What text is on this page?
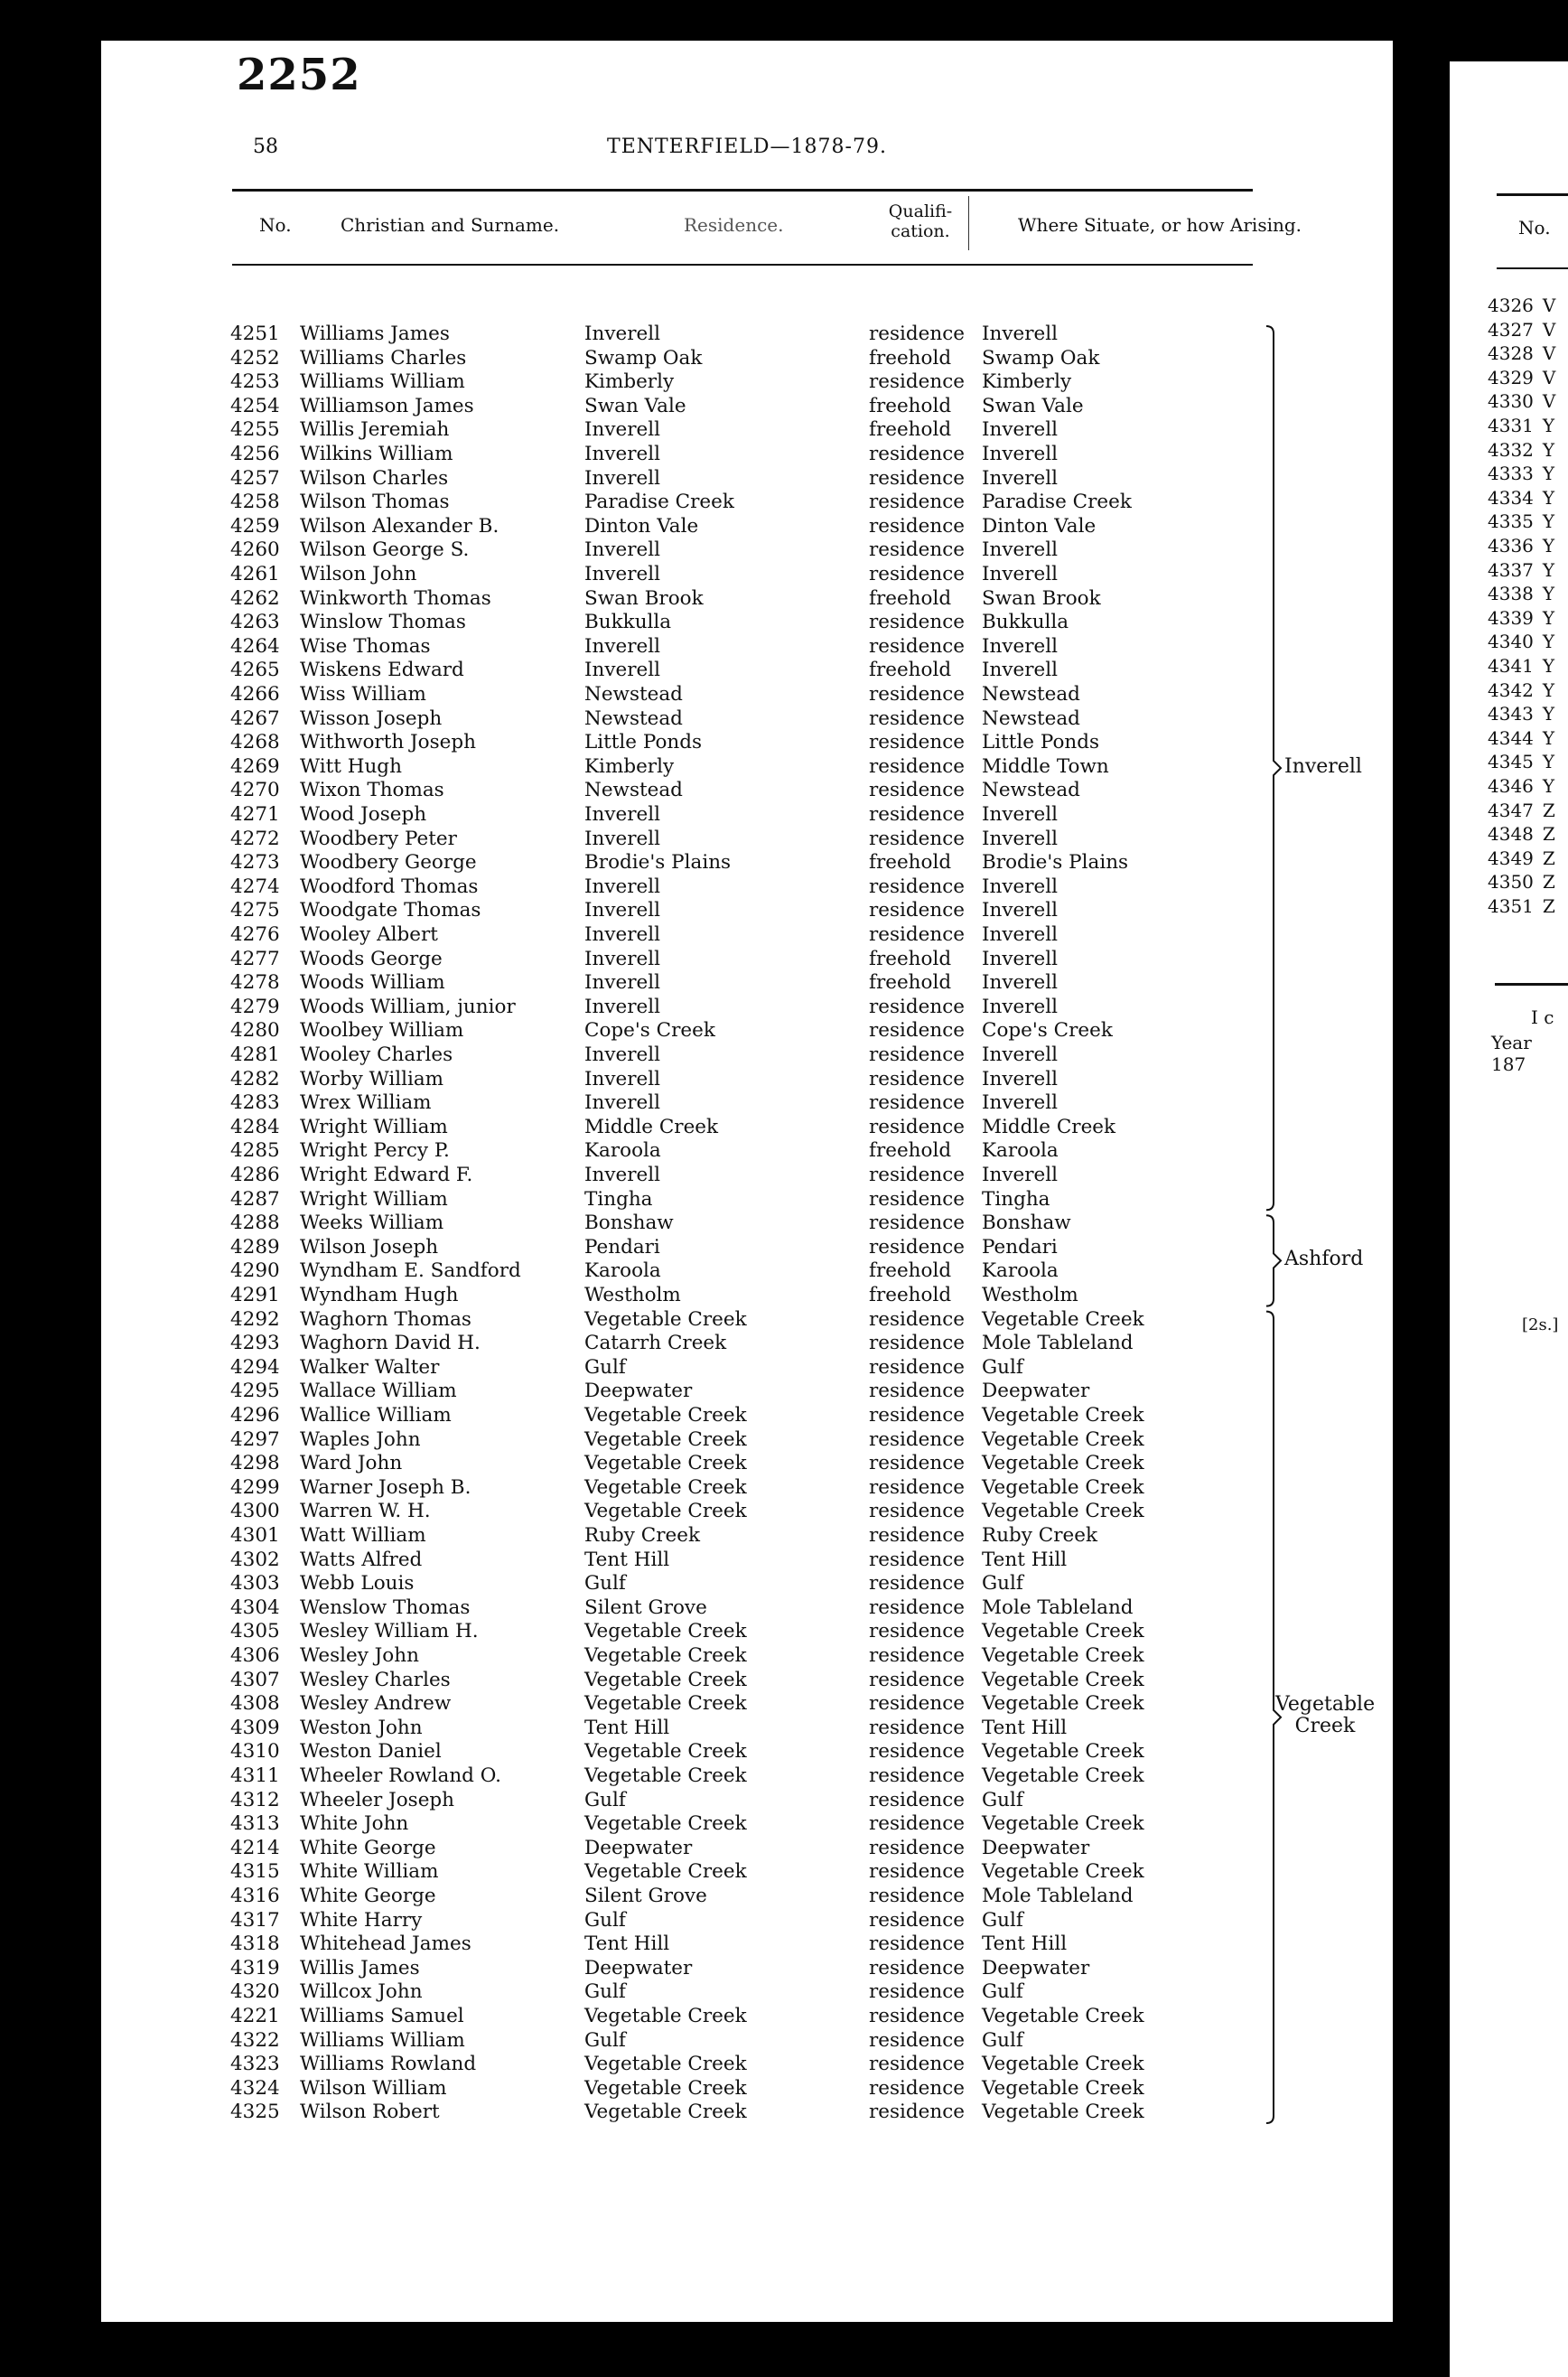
2252
58	TENTERFIELD—1878-79.
No.	Christian and Surname.	Residence.
Qualifi- cation.	Where Situate, or how Arising.
4251 Williams James	Inverell	residence Inverell
4252 Williams Charles	Swamp Oak	freehold Swamp Oak
4253 Williams William	Kimberly	residence Kimberly
4254 Williamson James	Swan Vale	freehold Swan Vale
4255 Willis Jeremiah	Inverell	freehold Inverell
4256 Wilkins William	Inverell	residence Inverell
4257 Wilson Charles	Inverell	residence Inverell
4258 Wilson Thomas	Paradise Creek	residence Paradise Creek
4259 Wilson Alexander B.	Dinton Vale	residence Dinton Vale
4260 Wilson George S.	Inverell	residence Inverell
4261 Wilson John	Inverell	residence Inverell
4262 Winkworth Thomas	Swan Brook	freehold Swan Brook
4263 Winslow Thomas	Bukkulla	residence Bukkulla
4264 Wise Thomas	Inverell	residence Inverell
4265 Wiskens Edward	Inverell	freehold Inverell
4266 Wiss William	Newstead	residence Newstead
4267 Wisson Joseph	Newstead	residence Newstead
4268 Withworth Joseph	Little Ponds	residence Little Ponds
4269 Witt Hugh	Kimberly	residence Middle Town
4270 Wixon Thomas	Newstead	residence Newstead
4271 Wood Joseph	Inverell	residence Inverell
4272 Woodbery Peter	Inverell	residence Inverell
4273 Woodbery George	Brodie's Plains	freehold Brodie's Plains
4274 Woodford Thomas	Inverell	residence Inverell
4275 Woodgate Thomas	Inverell	residence Inverell
4276 Wooley Albert	Inverell	residence Inverell
4277 Woods George	Inverell	freehold Inverell
4278 Woods William	Inverell	freehold Inverell
4279 Woods William, junior	Inverell	residence Inverell
4280 Woolbey William	Cope's Creek	residence Cope's Creek
4281 Wooley Charles	Inverell	residence Inverell
4282 Worby William	Inverell	residence Inverell
4283 Wrex William	Inverell	residence Inverell
4284 Wright William	Middle Creek	residence Middle Creek
4285 Wright Percy P.	Karoola	freehold Karoola
4286 Wright Edward F.	Inverell	residence Inverell
4287 Wright William	Tingha	residence Tingha
4288 Weeks William	Bonshaw	residence Bonshaw
4289 Wilson Joseph	Pendari	residence Pendari
4290 Wyndham E. Sandford	Karoola	freehold Karoola
4291 Wyndham Hugh	Westholm	freehold Westholm
4292 Waghorn Thomas	Vegetable Creek	residence Vegetable Creek
4293 Waghorn David H.	Catarrh Creek	residence Mole Tableland
4294 Walker Walter	Gulf	residence Gulf
4295 Wallace William	Deepwater	residence Deepwater
4296 Wallice William	Vegetable Creek	residence Vegetable Creek
4297 Waples John	Vegetable Creek	residence Vegetable Creek
4298 Ward John	Vegetable Creek	residence Vegetable Creek
4299 Warner Joseph B.	Vegetable Creek	residence Vegetable Creek
4300 Warren W. H.	Vegetable Creek	residence Vegetable Creek
4301 Watt William	Ruby Creek	residence Ruby Creek
4302 Watts Alfred	Tent Hill	residence Tent Hill
4303 Webb Louis	Gulf	residence Gulf
4304 Wenslow Thomas	Silent Grove	residence Mole Tableland
4305 Wesley William H.	Vegetable Creek	residence Vegetable Creek
4306 Wesley John	Vegetable Creek	residence Vegetable Creek
4307 Wesley Charles	Vegetable Creek	residence Vegetable Creek
4308 Wesley Andrew	Vegetable Creek	residence Vegetable Creek
4309 Weston John	Tent Hill	residence Tent Hill
4310 Weston Daniel	Vegetable Creek	residence Vegetable Creek
4311 Wheeler Rowland O.	Vegetable Creek	residence Vegetable Creek
4312 Wheeler Joseph	Gulf	residence Gulf
4313 White John	Vegetable Creek	residence Vegetable Creek
4214 White George	Deepwater	residence Deepwater
4315 White William	Vegetable Creek	residence Vegetable Creek
4316 White George	Silent Grove	residence Mole Tableland
4317 White Harry	Gulf	residence Gulf
4318 Whitehead James	Tent Hill	residence Tent Hill
4319 Willis James	Deepwater	residence Deepwater
4320 Willcox John	Gulf	residence Gulf
4221 Williams Samuel	Vegetable Creek	residence Vegetable Creek
4322 Williams William	Gulf	residence Gulf
4323 Williams Rowland	Vegetable Creek	residence Vegetable Creek
4324 Wilson William	Vegetable Creek	residence Vegetable Creek
4325 Wilson Robert	Vegetable Creek	residence Vegetable Creek
Inverell
Ashford
Vegetable Creek
No.
4326 V
4327 V
4328 V
4329 V
4330 V
4331 Y
4332 Y
4333 Y
4334 Y
4335 Y
4336 Y
4337 Y
4338 Y
4339 Y
4340 Y
4341 Y
4342 Y
4343 Y
4344 Y
4345 Y
4346 Y
4347 Z
4348 Z
4349 Z
4350 Z
4351 Z
I c
Year 187
[2s.]
